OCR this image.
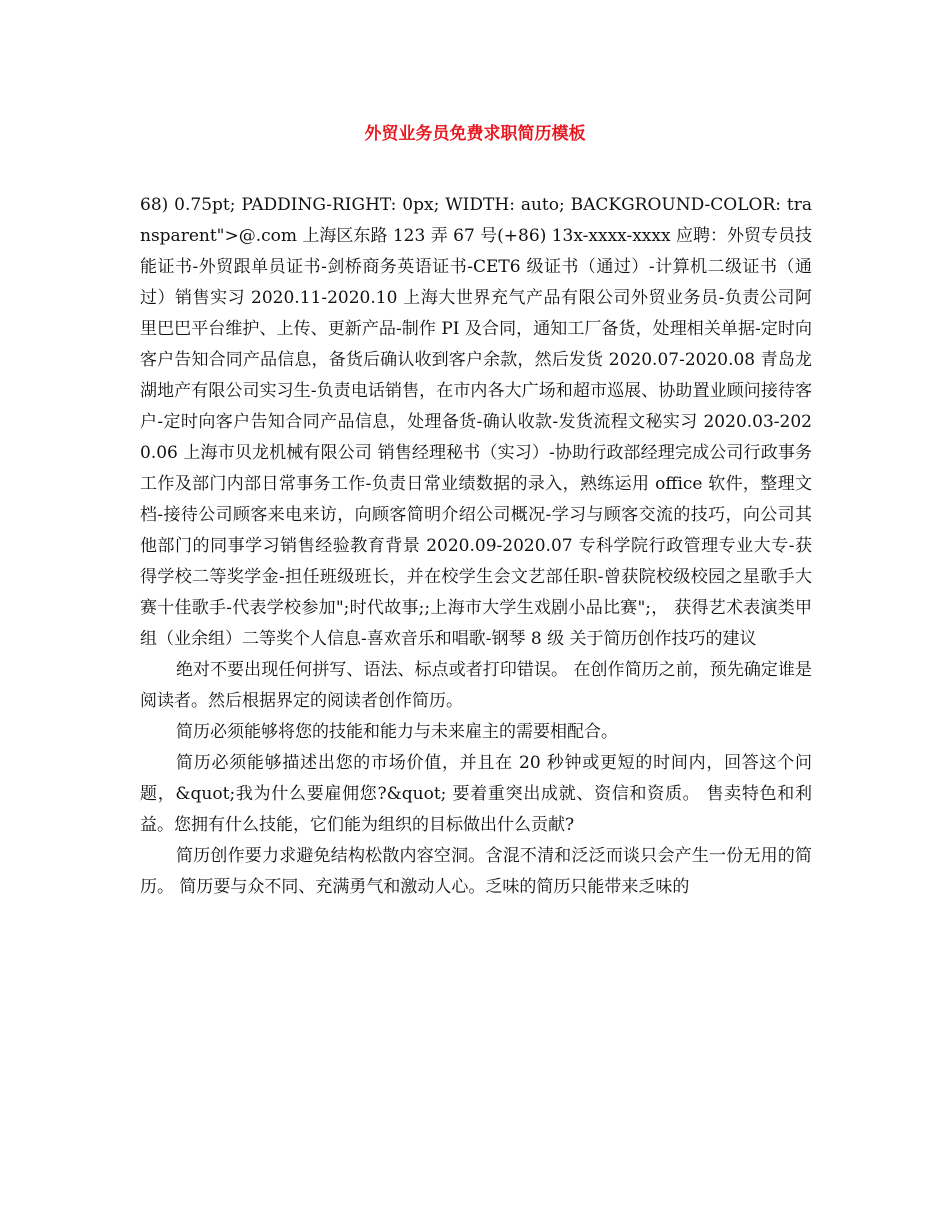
外贸业务员免费求职简历模板

68) 0.75pt; PADDING-RIGHT: 0px; WIDTH: auto; BACKGROUND-COLOR: transparent">@.com 上海区东路 123 弄 67 号(+86) 13x-xxxx-xxxx 应聘：外贸专员技能证书-外贸跟单员证书-剑桥商务英语证书-CET6 级证书（通过）-计算机二级证书（通过）销售实习 2020.11-2020.10 上海大世界充气产品有限公司外贸业务员-负责公司阿里巴巴平台维护、上传、更新产品-制作 PI 及合同，通知工厂备货，处理相关单据-定时向客户告知合同产品信息，备货后确认收到客户余款，然后发货 2020.07-2020.08 青岛龙湖地产有限公司实习生-负责电话销售，在市内各大广场和超市巡展、协助置业顾问接待客户-定时向客户告知合同产品信息，处理备货-确认收款-发货流程文秘实习 2020.03-2020.06 上海市贝龙机械有限公司 销售经理秘书（实习）-协助行政部经理完成公司行政事务工作及部门内部日常事务工作-负责日常业绩数据的录入，熟练运用 office 软件，整理文档-接待公司顾客来电来访，向顾客简明介绍公司概况-学习与顾客交流的技巧，向公司其他部门的同事学习销售经验教育背景 2020.09-2020.07 专科学院行政管理专业大专-获得学校二等奖学金-担任班级班长，并在校学生会文艺部任职-曾获院校级校园之星歌手大赛十佳歌手-代表学校参加";时代故事;;上海市大学生戏剧小品比赛";， 获得艺术表演类甲组（业余组）二等奖个人信息-喜欢音乐和唱歌-钢琴 8 级 关于简历创作技巧的建议

绝对不要出现任何拼写、语法、标点或者打印错误。 在创作简历之前，预先确定谁是阅读者。然后根据界定的阅读者创作简历。

简历必须能够将您的技能和能力与未来雇主的需要相配合。

简历必须能够描述出您的市场价值，并且在 20 秒钟或更短的时间内，回答这个问题，&quot;我为什么要雇佣您?&quot; 要着重突出成就、资信和资质。 售卖特色和利益。您拥有什么技能，它们能为组织的目标做出什么贡献?

简历创作要力求避免结构松散内容空洞。含混不清和泛泛而谈只会产生一份无用的简历。 简历要与众不同、充满勇气和激动人心。乏味的简历只能带来乏味的
